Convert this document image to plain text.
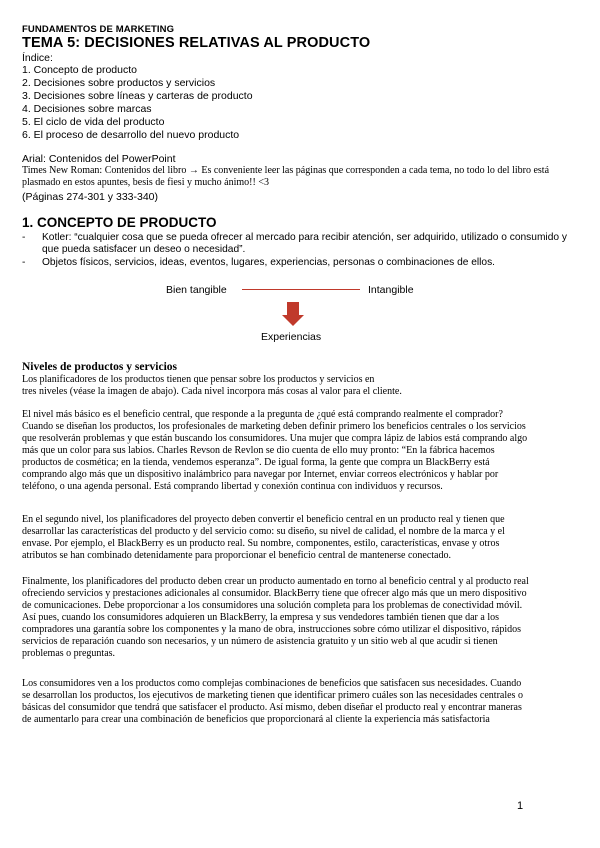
FUNDAMENTOS DE MARKETING
TEMA 5: DECISIONES RELATIVAS AL PRODUCTO
Índice:
1. Concepto de producto
2. Decisiones sobre productos y servicios
3. Decisiones sobre líneas y carteras de producto
4. Decisiones sobre marcas
5. El ciclo de vida del producto
6. El proceso de desarrollo del nuevo producto
Arial: Contenidos del PowerPoint
Times New Roman: Contenidos del libro → Es conveniente leer las páginas que corresponden a cada tema, no todo lo del libro está plasmado en estos apuntes, besis de fiesi y mucho ánimo!! <3
(Páginas 274-301 y 333-340)
1. CONCEPTO DE PRODUCTO
-	Kotler: “cualquier cosa que se pueda ofrecer al mercado para recibir atención, ser adquirido, utilizado o consumido y que pueda satisfacer un deseo o necesidad”.
-	Objetos físicos, servicios, ideas, eventos, lugares, experiencias, personas o combinaciones de ellos.
Bien tangible	Intangible
Experiencias
Niveles de productos y servicios
Los planificadores de los productos tienen que pensar sobre los productos y servicios en
tres niveles (véase la imagen de abajo). Cada nivel incorpora más cosas al valor para el cliente.
El nivel más básico es el beneficio central, que responde a la pregunta de ¿qué está comprando realmente el comprador?
Cuando se diseñan los productos, los profesionales de marketing deben definir primero los beneficios centrales o los servicios
que resolverán problemas y que están buscando los consumidores. Una mujer que compra lápiz de labios está comprando algo
más que un color para sus labios. Charles Revson de Revlon se dio cuenta de ello muy pronto: “En la fábrica hacemos
productos de cosmética; en la tienda, vendemos esperanza”. De igual forma, la gente que compra un BlackBerry está
comprando algo más que un dispositivo inalámbrico para navegar por Internet, enviar correos electrónicos y hablar por
teléfono, o una agenda personal. Está comprando libertad y conexión continua con individuos y recursos.
En el segundo nivel, los planificadores del proyecto deben convertir el beneficio central en un producto real y tienen que
desarrollar las características del producto y del servicio como: su diseño, su nivel de calidad, el nombre de la marca y el
envase. Por ejemplo, el BlackBerry es un producto real. Su nombre, componentes, estilo, características, envase y otros
atributos se han combinado detenidamente para proporcionar el beneficio central de mantenerse conectado.
Finalmente, los planificadores del producto deben crear un producto aumentado en torno al beneficio central y al producto real
ofreciendo servicios y prestaciones adicionales al consumidor. BlackBerry tiene que ofrecer algo más que un mero dispositivo
de comunicaciones. Debe proporcionar a los consumidores una solución completa para los problemas de conectividad móvil.
Así pues, cuando los consumidores adquieren un BlackBerry, la empresa y sus vendedores también tienen que dar a los
compradores una garantía sobre los componentes y la mano de obra, instrucciones sobre cómo utilizar el dispositivo, rápidos
servicios de reparación cuando son necesarios, y un número de asistencia gratuito y un sitio web al que acudir si tienen
problemas o preguntas.
Los consumidores ven a los productos como complejas combinaciones de beneficios que satisfacen sus necesidades. Cuando
se desarrollan los productos, los ejecutivos de marketing tienen que identificar primero cuáles son las necesidades centrales o
básicas del consumidor que tendrá que satisfacer el producto. Así mismo, deben diseñar el producto real y encontrar maneras
de aumentarlo para crear una combinación de beneficios que proporcionará al cliente la experiencia más satisfactoria
1
